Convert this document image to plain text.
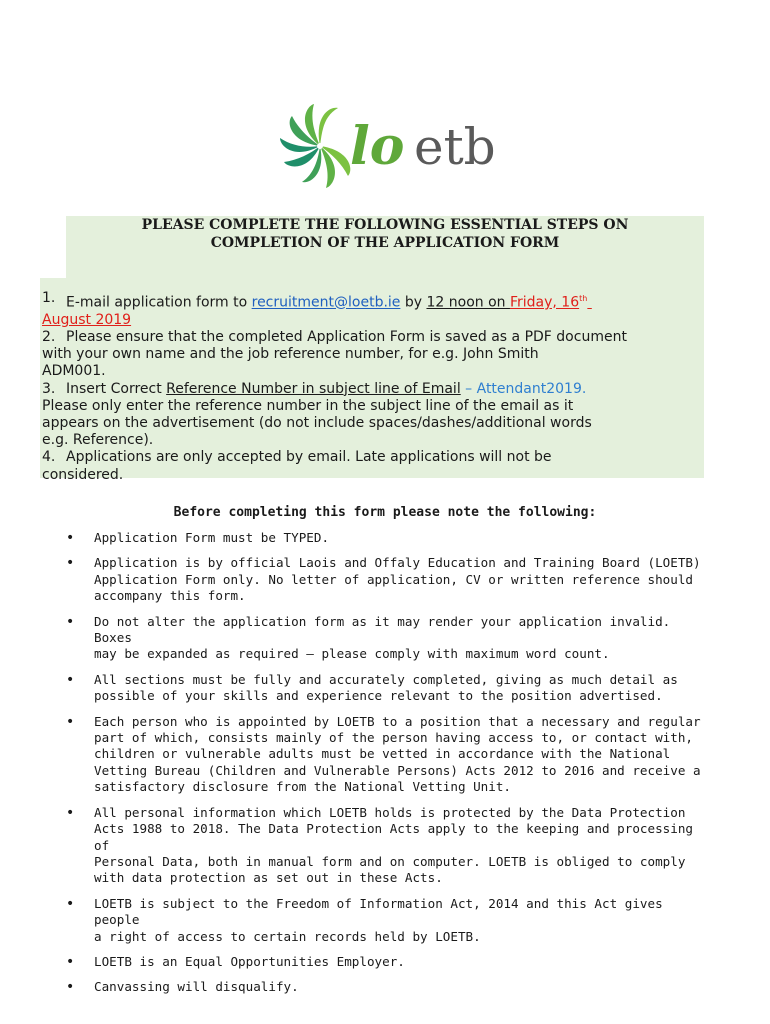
lo etb
PLEASE COMPLETE THE FOLLOWING ESSENTIAL STEPS ON
COMPLETION OF THE APPLICATION FORM
1. E-mail application form to recruitment@loetb.ie by 12 noon on Friday, 16th
August 2019
2. Please ensure that the completed Application Form is saved as a PDF document
with your own name and the job reference number, for e.g. John Smith
ADM001.
3. Insert Correct Reference Number in subject line of Email – Attendant2019.
Please only enter the reference number in the subject line of the email as it
appears on the advertisement (do not include spaces/dashes/additional words
e.g. Reference).
4. Applications are only accepted by email. Late applications will not be
considered.
Before completing this form please note the following:
•	Application Form must be TYPED.
•	Application is by official Laois and Offaly Education and Training Board (LOETB)
Application Form only. No letter of application, CV or written reference should
accompany this form.
•	Do not alter the application form as it may render your application invalid. Boxes
may be expanded as required – please comply with maximum word count.
•	All sections must be fully and accurately completed, giving as much detail as
possible of your skills and experience relevant to the position advertised.
•	Each person who is appointed by LOETB to a position that a necessary and regular
part of which, consists mainly of the person having access to, or contact with,
children or vulnerable adults must be vetted in accordance with the National
Vetting Bureau (Children and Vulnerable Persons) Acts 2012 to 2016 and receive a
satisfactory disclosure from the National Vetting Unit.
•	All personal information which LOETB holds is protected by the Data Protection
Acts 1988 to 2018. The Data Protection Acts apply to the keeping and processing of
Personal Data, both in manual form and on computer. LOETB is obliged to comply
with data protection as set out in these Acts.
•	LOETB is subject to the Freedom of Information Act, 2014 and this Act gives people
a right of access to certain records held by LOETB.
•	LOETB is an Equal Opportunities Employer.
•	Canvassing will disqualify.
